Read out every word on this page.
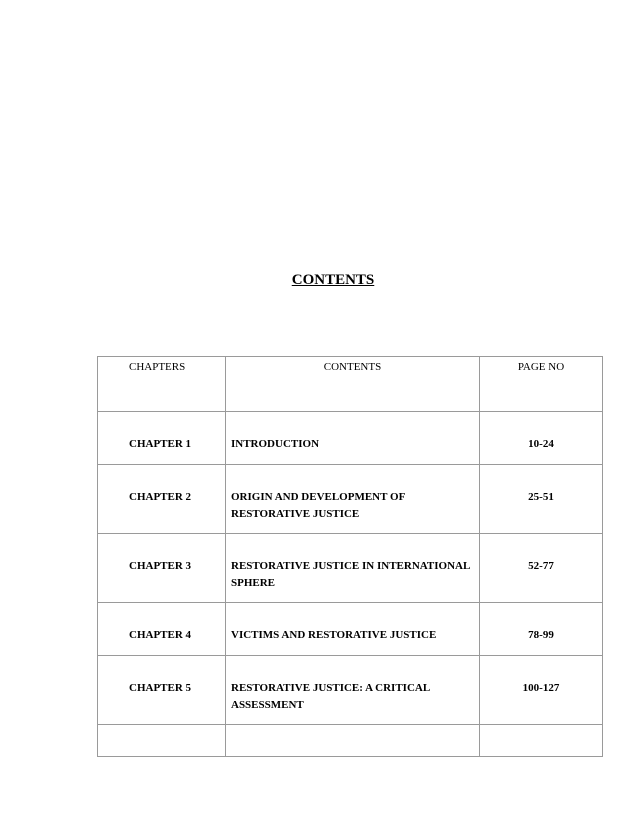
CONTENTS
CHAPTERS	CONTENTS	PAGE NO
CHAPTER 1	INTRODUCTION	10-24
CHAPTER 2	ORIGIN AND DEVELOPMENT OF RESTORATIVE JUSTICE	25-51
CHAPTER 3	RESTORATIVE JUSTICE IN INTERNATIONAL SPHERE	52-77
CHAPTER 4	VICTIMS AND RESTORATIVE JUSTICE	78-99
CHAPTER 5	RESTORATIVE JUSTICE: A CRITICAL ASSESSMENT	100-127
